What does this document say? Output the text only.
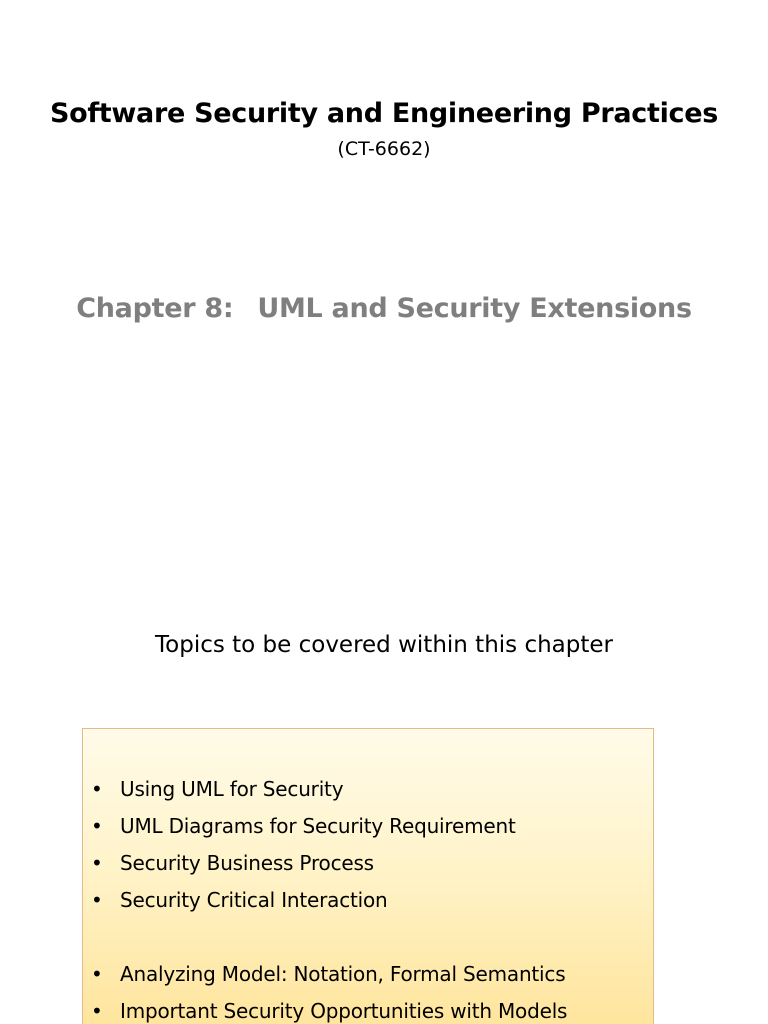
Software Security and Engineering Practices
(CT-6662)
Chapter 8: UML and Security Extensions
Topics to be covered within this chapter
• Using UML for Security
• UML Diagrams for Security Requirement
• Security Business Process
• Security Critical Interaction
• Analyzing Model: Notation, Formal Semantics
• Important Security Opportunities with Models
